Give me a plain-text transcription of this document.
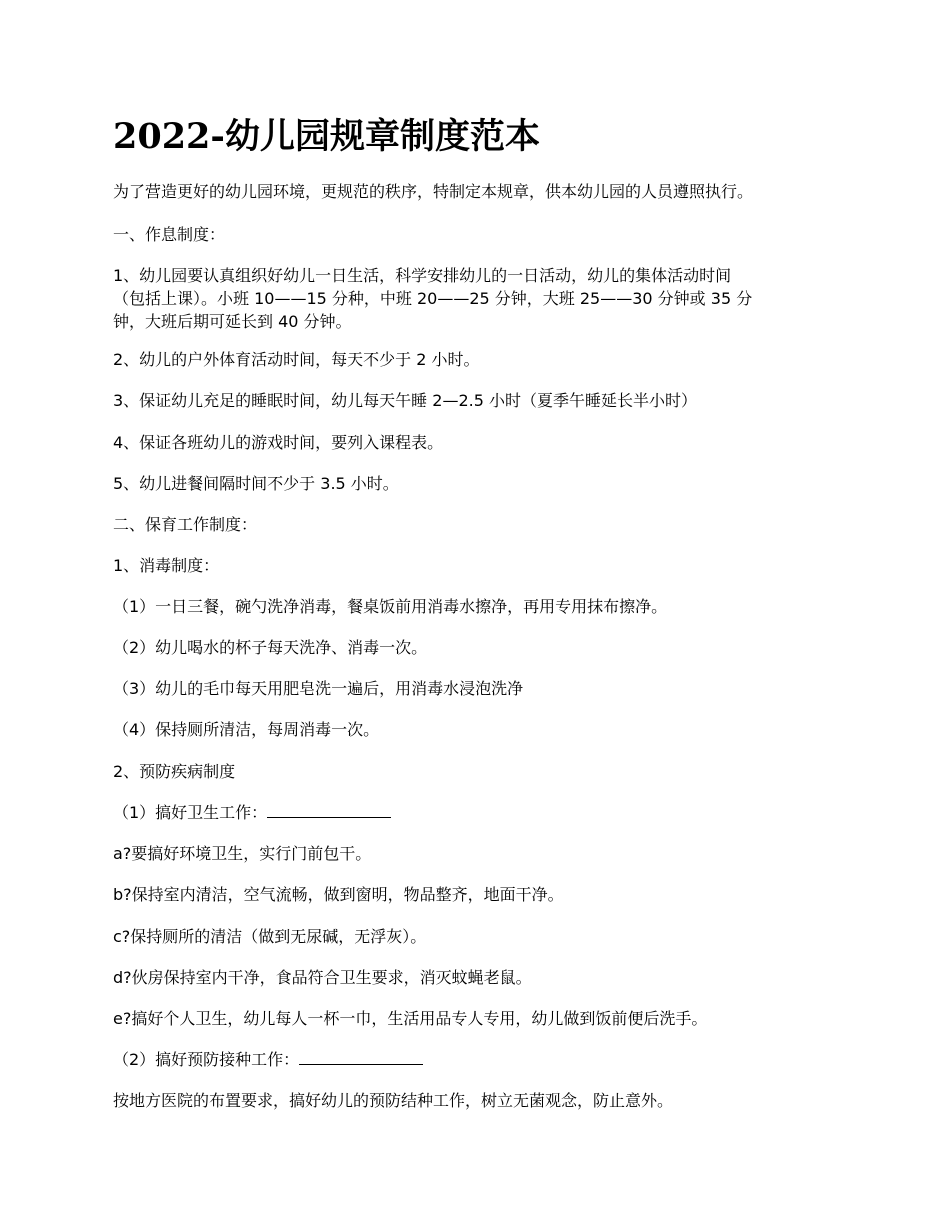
2022-幼儿园规章制度范本

为了营造更好的幼儿园环境，更规范的秩序，特制定本规章，供本幼儿园的人员遵照执行。

一、作息制度：

1、幼儿园要认真组织好幼儿一日生活，科学安排幼儿的一日活动，幼儿的集体活动时间

（包括上课）。小班 10——15 分种，中班 20——25 分钟，大班 25——30 分钟或 35 分

钟，大班后期可延长到 40 分钟。

2、幼儿的户外体育活动时间，每天不少于 2 小时。

3、保证幼儿充足的睡眠时间，幼儿每天午睡 2—2.5 小时（夏季午睡延长半小时）

4、保证各班幼儿的游戏时间，要列入课程表。

5、幼儿进餐间隔时间不少于 3.5 小时。

二、保育工作制度：

1、消毒制度：

（1）一日三餐，碗勺洗净消毒，餐桌饭前用消毒水擦净，再用专用抹布擦净。

（2）幼儿喝水的杯子每天洗净、消毒一次。

（3）幼儿的毛巾每天用肥皂洗一遍后，用消毒水浸泡洗净

（4）保持厕所清洁，每周消毒一次。

2、预防疾病制度

（1）搞好卫生工作：

a?要搞好环境卫生，实行门前包干。

b?保持室内清洁，空气流畅，做到窗明，物品整齐，地面干净。

c?保持厕所的清洁（做到无尿碱，无浮灰）。

d?伙房保持室内干净，食品符合卫生要求，消灭蚊蝇老鼠。

e?搞好个人卫生，幼儿每人一杯一巾，生活用品专人专用，幼儿做到饭前便后洗手。

（2）搞好预防接种工作：

按地方医院的布置要求，搞好幼儿的预防结种工作，树立无菌观念，防止意外。
